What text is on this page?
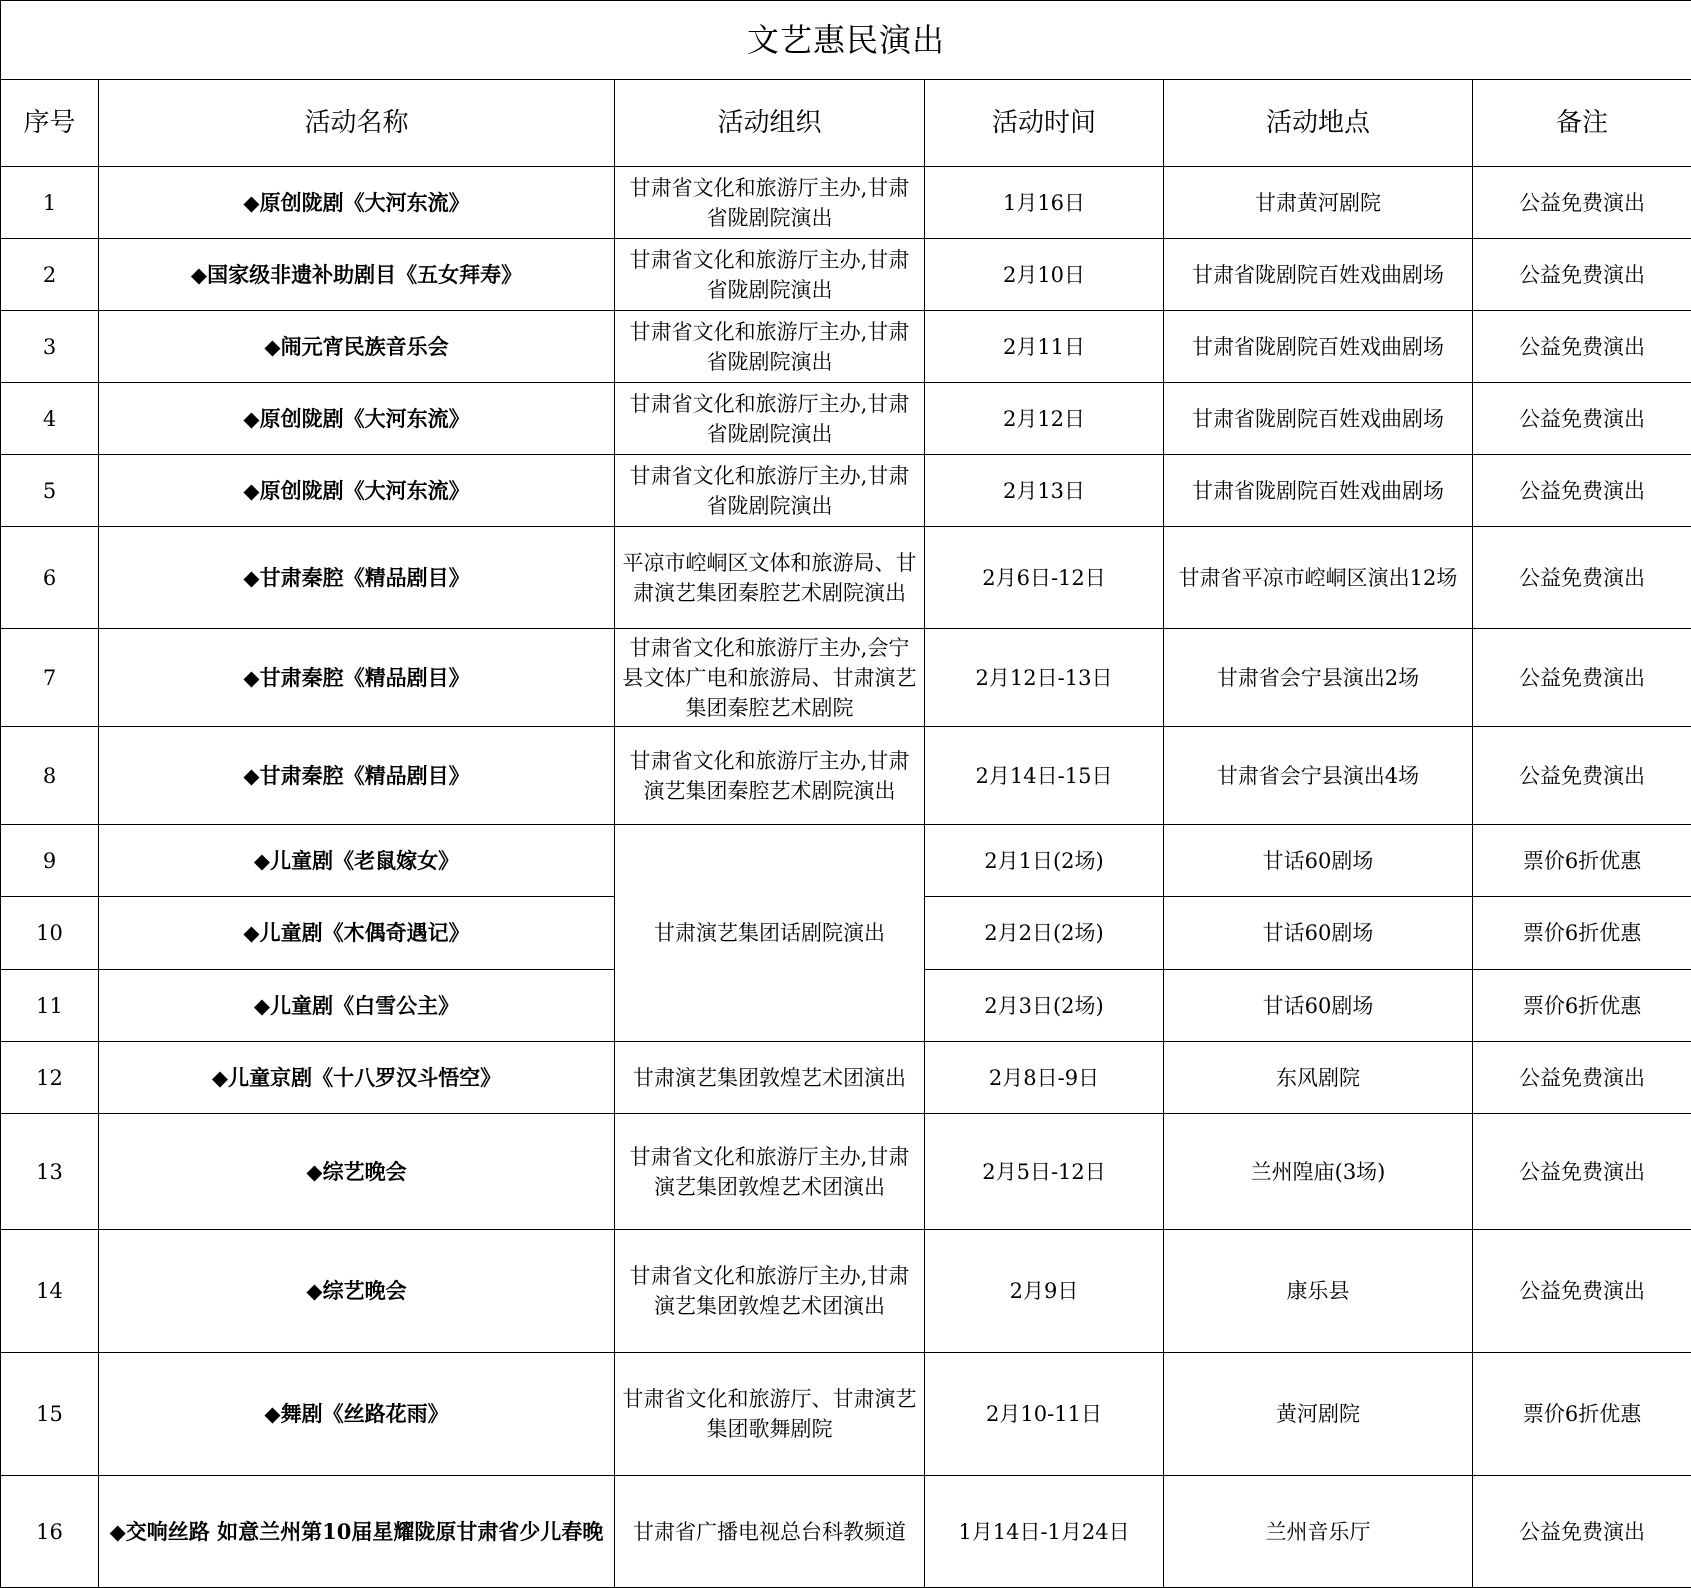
文艺惠民演出					
序号	活动名称	活动组织	活动时间	活动地点	备注
1	◆原创陇剧《大河东流》	甘肃省文化和旅游厅主办,甘肃省陇剧院演出	1月16日	甘肃黄河剧院	公益免费演出
2	◆国家级非遗补助剧目《五女拜寿》	甘肃省文化和旅游厅主办,甘肃省陇剧院演出	2月10日	甘肃省陇剧院百姓戏曲剧场	公益免费演出
3	◆闹元宵民族音乐会	甘肃省文化和旅游厅主办,甘肃省陇剧院演出	2月11日	甘肃省陇剧院百姓戏曲剧场	公益免费演出
4	◆原创陇剧《大河东流》	甘肃省文化和旅游厅主办,甘肃省陇剧院演出	2月12日	甘肃省陇剧院百姓戏曲剧场	公益免费演出
5	◆原创陇剧《大河东流》	甘肃省文化和旅游厅主办,甘肃省陇剧院演出	2月13日	甘肃省陇剧院百姓戏曲剧场	公益免费演出
6	◆甘肃秦腔《精品剧目》	平凉市崆峒区文体和旅游局、甘肃演艺集团秦腔艺术剧院演出	2月6日-12日	甘肃省平凉市崆峒区演出12场	公益免费演出
7	◆甘肃秦腔《精品剧目》	甘肃省文化和旅游厅主办,会宁县文体广电和旅游局、甘肃演艺集团秦腔艺术剧院	2月12日-13日	甘肃省会宁县演出2场	公益免费演出
8	◆甘肃秦腔《精品剧目》	甘肃省文化和旅游厅主办,甘肃演艺集团秦腔艺术剧院演出	2月14日-15日	甘肃省会宁县演出4场	公益免费演出
9	◆儿童剧《老鼠嫁女》	甘肃演艺集团话剧院演出	2月1日(2场)	甘话60剧场	票价6折优惠
10	◆儿童剧《木偶奇遇记》		2月2日(2场)	甘话60剧场	票价6折优惠
11	◆儿童剧《白雪公主》		2月3日(2场)	甘话60剧场	票价6折优惠
12	◆儿童京剧《十八罗汉斗悟空》	甘肃演艺集团敦煌艺术团演出	2月8日-9日	东风剧院	公益免费演出
13	◆综艺晚会	甘肃省文化和旅游厅主办,甘肃演艺集团敦煌艺术团演出	2月5日-12日	兰州隍庙(3场)	公益免费演出
14	◆综艺晚会	甘肃省文化和旅游厅主办,甘肃演艺集团敦煌艺术团演出	2月9日	康乐县	公益免费演出
15	◆舞剧《丝路花雨》	甘肃省文化和旅游厅、甘肃演艺集团歌舞剧院	2月10-11日	黄河剧院	票价6折优惠
16	◆交响丝路 如意兰州第10届星耀陇原甘肃省少儿春晚	甘肃省广播电视总台科教频道	1月14日-1月24日	兰州音乐厅	公益免费演出
